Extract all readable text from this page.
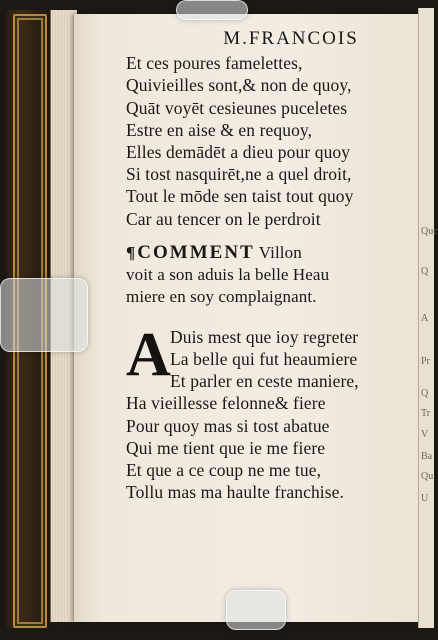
Quc
Q
A
Pr
Q
Tr
V
Ba
Qu
U
M.FRANCOIS
Et ces poures famelettes,
Quivieilles sont,& non de quoy,
Quāt voyēt cesieunes puceletes
Estre en aise & en requoy,
Elles demādēt a dieu pour quoy
Si tost nasquirēt,ne a quel droit,
Tout le mōde sen taist tout quoy
Car au tencer on le perdroit
¶ COMMENT Villon
voit a son aduis la belle Heau
miere en soy complaignant.
A Duis mest que ioy regreter
La belle qui fut heaumiere
Et parler en ceste maniere,
Ha vieillesse felonne& fiere
Pour quoy mas si tost abatue
Qui me tient que ie me fiere
Et que a ce coup ne me tue,
Tollu mas ma haulte franchise.
